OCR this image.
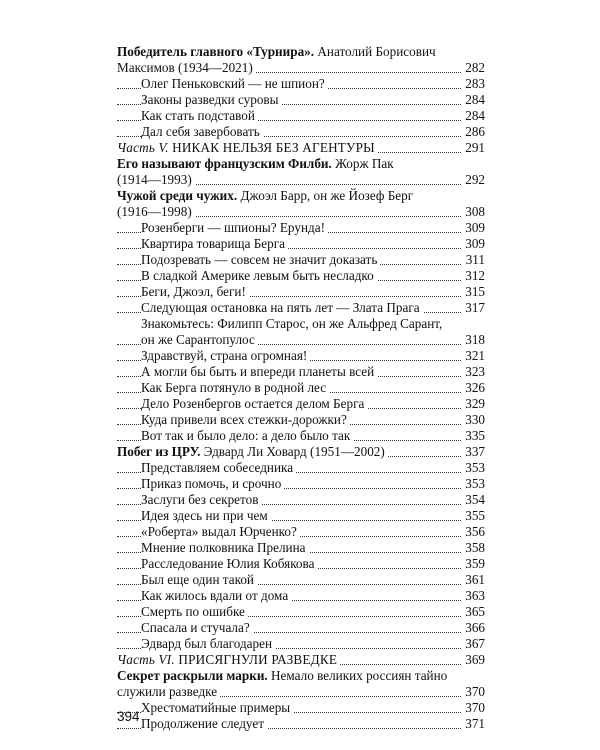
Победитель главного «Турнира». Анатолий Борисович
Максимов (1934—2021)	282
Олег Пеньковский — не шпион?	283
Законы разведки суровы	284
Как стать подставой	284
Дал себя завербовать	286
Часть V. НИКАК НЕЛЬЗЯ БЕЗ АГЕНТУРЫ	291
Его называют французским Филби. Жорж Пак
(1914—1993)	292
Чужой среди чужих. Джоэл Барр, он же Йозеф Берг
(1916—1998)	308
Розенберги — шпионы? Ерунда!	309
Квартира товарища Берга	309
Подозревать — совсем не значит доказать	311
В сладкой Америке левым быть несладко	312
Беги, Джоэл, беги!	315
Следующая остановка на пять лет — Злата Прага	317
Знакомьтесь: Филипп Старос, он же Альфред Сарант,
он же Сарантопулос	318
Здравствуй, страна огромная!	321
А могли бы быть и впереди планеты всей	323
Как Берга потянуло в родной лес	326
Дело Розенбергов остается делом Берга	329
Куда привели всех стежки-дорожки?	330
Вот так и было дело: а дело было так	335
Побег из ЦРУ. Эдвард Ли Ховард (1951—2002)	337
Представляем собеседника	353
Приказ помочь, и срочно	353
Заслуги без секретов	354
Идея здесь ни при чем	355
«Роберта» выдал Юрченко?	356
Мнение полковника Прелина	358
Расследование Юлия Кобякова	359
Был еще один такой	361
Как жилось вдали от дома	363
Смерть по ошибке	365
Спасала и стучала?	366
Эдвард был благодарен	367
Часть VI. ПРИСЯГНУЛИ РАЗВЕДКЕ	369
Секрет раскрыли марки. Немало великих россиян тайно
служили разведке	370
Хрестоматийные примеры	370
Продолжение следует	371
394
